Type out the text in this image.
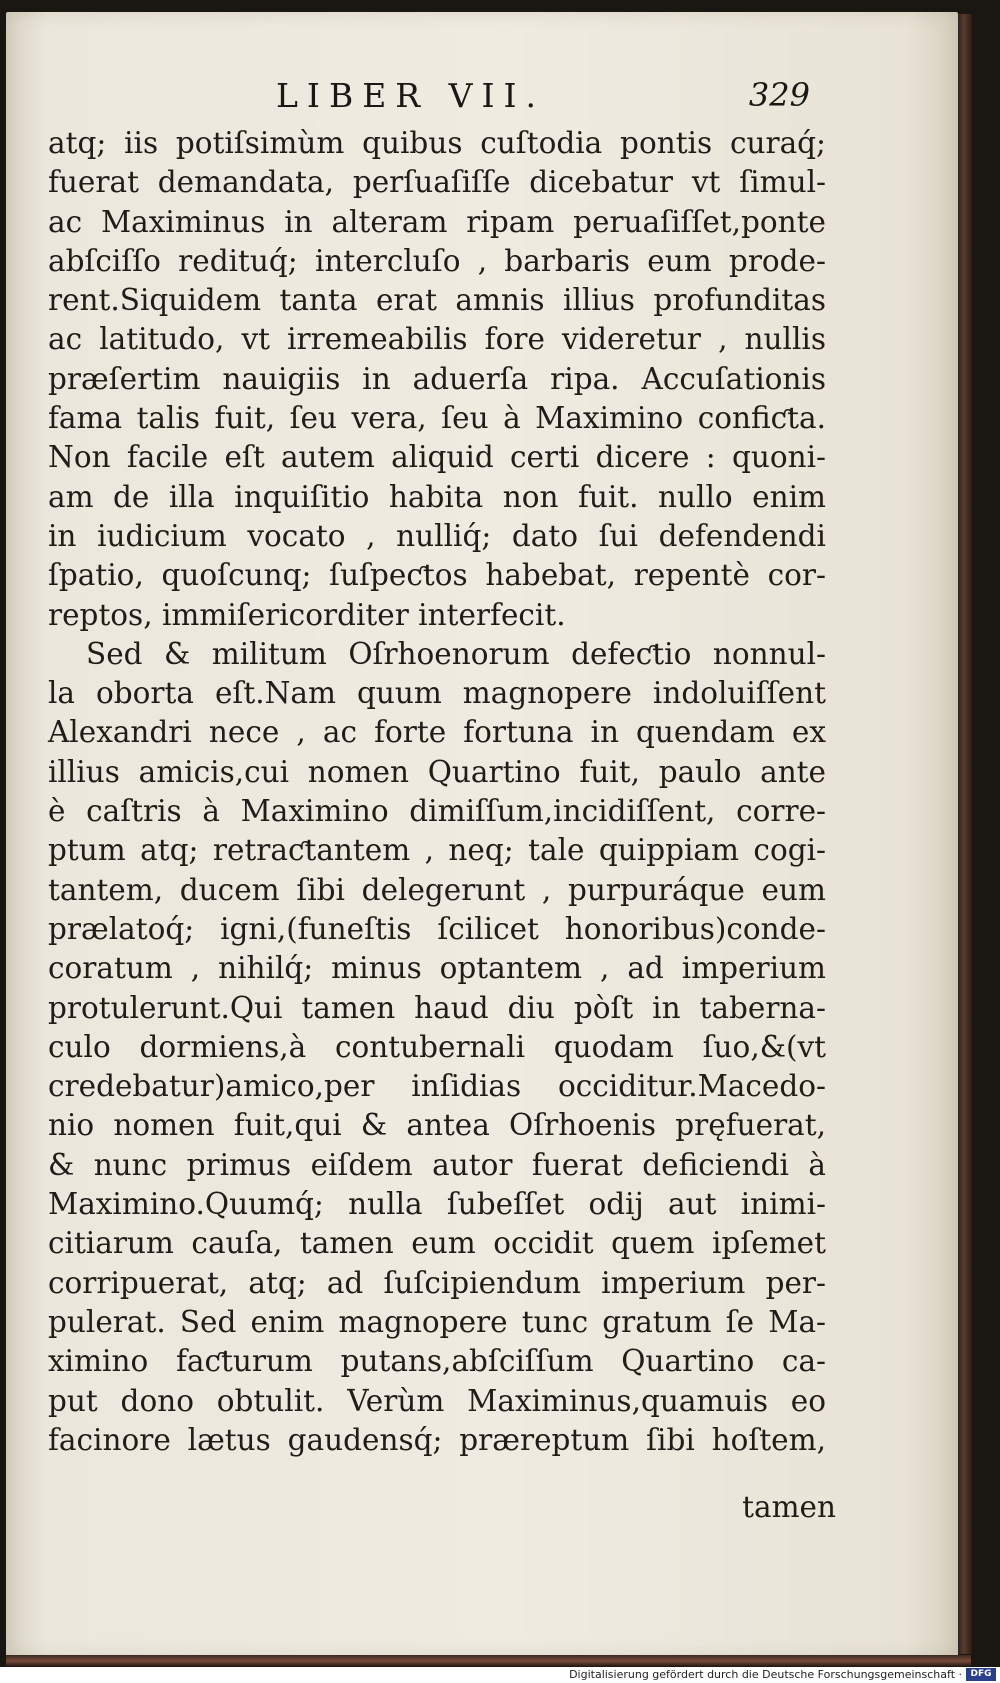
LIBER VII.	329
atq; iis potiſsimùm quibus cuſtodia pontis curaq́;
fuerat demandata, perſuaſiſſe dicebatur vt ſimul-
ac Maximinus in alteram ripam peruaſiſſet,ponte
abſciſſo redituq́; intercluſo , barbaris eum prode-
rent.Siquidem tanta erat amnis illius profunditas
ac latitudo, vt irremeabilis fore videretur , nullis
præſertim nauigiis in aduerſa ripa. Accuſationis
fama talis fuit, ſeu vera, ſeu à Maximino confiƈta.
Non facile eſt autem aliquid certi dicere : quoni-
am de illa inquiſitio habita non fuit. nullo enim
in iudicium vocato , nulliq́; dato ſui defendendi
ſpatio, quoſcunq; ſuſpeƈtos habebat, repentè cor-
reptos, immiſericorditer interfecit.
Sed & militum Oſrhoenorum defeƈtio nonnul-
la oborta eſt.Nam quum magnopere indoluiſſent
Alexandri nece , ac forte fortuna in quendam ex
illius amicis,cui nomen Quartino fuit, paulo ante
è caſtris à Maximino dimiſſum,incidiſſent, corre-
ptum atq; retraƈtantem , neq; tale quippiam cogi-
tantem, ducem ſibi delegerunt , purpuráque eum
prælatoq́; igni,(funeſtis ſcilicet honoribus)conde-
coratum , nihilq́; minus optantem , ad imperium
protulerunt.Qui tamen haud diu pòſt in taberna-
culo dormiens,à contubernali quodam ſuo,&(vt
credebatur)amico,per inſidias occiditur.Macedo-
nio nomen fuit,qui & antea Oſrhoenis pręfuerat,
& nunc primus eiſdem autor fuerat deficiendi à
Maximino.Quumq́; nulla ſubeſſet odij aut inimi-
citiarum cauſa, tamen eum occidit quem ipſemet
corripuerat, atq; ad ſuſcipiendum imperium per-
pulerat. Sed enim magnopere tunc gratum ſe Ma-
ximino faƈturum putans,abſciſſum Quartino ca-
put dono obtulit. Verùm Maximinus,quamuis eo
facinore lætus gaudensq́; præreptum ſibi hoſtem,
tamen
Digitalisierung gefördert durch die Deutsche Forschungsgemeinschaft · DFG
